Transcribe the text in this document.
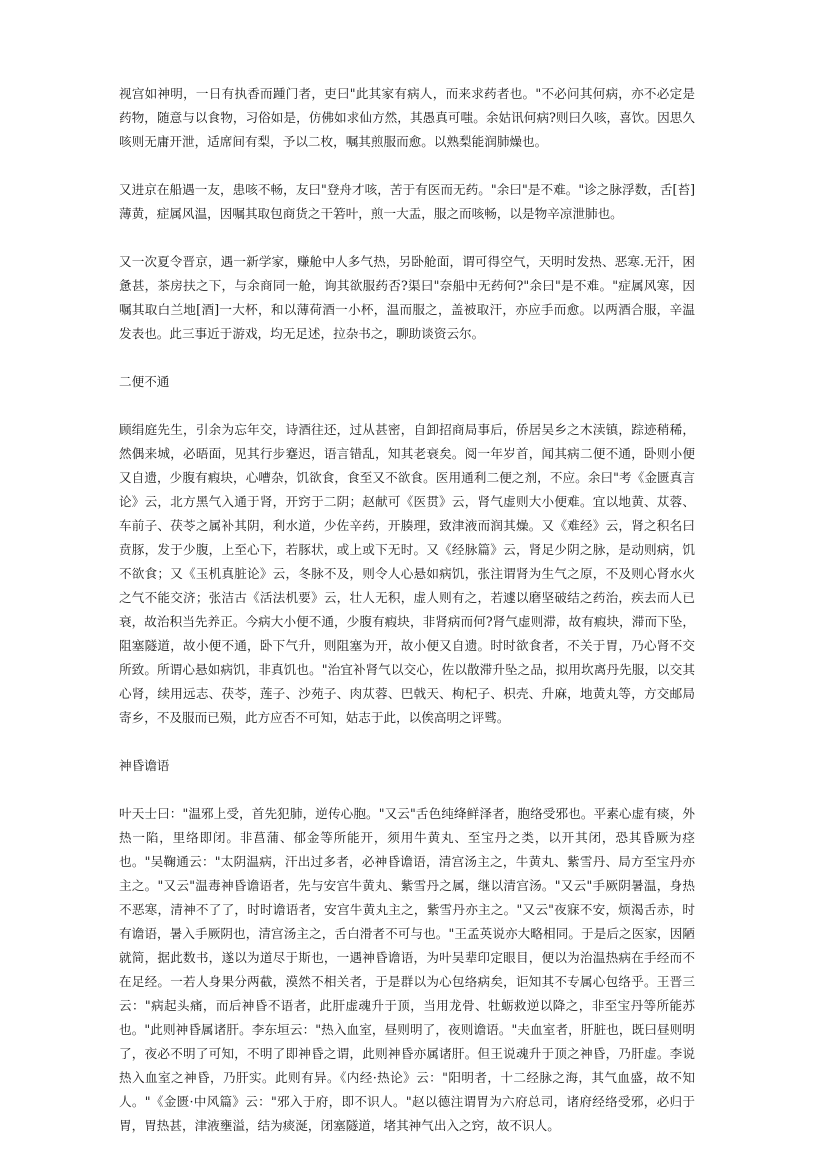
视宫如神明，一日有执香而踵门者，吏曰"此其家有病人，而来求药者也。"不必问其何病，亦不必定是药物，随意与以食物，习俗如是，仿佛如求仙方然，其愚真可嗤。余姑讯何病?则曰久咳，喜饮。因思久咳则无庸开泄，适席间有梨，予以二枚，嘱其煎服而愈。以熟梨能润肺燥也。

又进京在船遇一友，患咳不畅，友曰"登舟才咳，苦于有医而无药。"余曰"是不难。"诊之脉浮数，舌[苔]薄黄，症属风温，因嘱其取包商货之干箬叶，煎一大盂，服之而咳畅，以是物辛凉泄肺也。

又一次夏令晋京，遇一新学家，赚舱中人多气热，另卧舱面，谓可得空气，天明时发热、恶寒.无汗，困惫甚，茶房扶之下，与余商同一舱，询其欲服药否?渠曰"奈船中无药何?"余曰"是不难。"症属风寒，因嘱其取白兰地[酒]一大杯，和以薄荷酒一小杯，温而服之，盖被取汗，亦应手而愈。以两酒合服，辛温发表也。此三事近于游戏，均无足述，拉杂书之，聊助谈资云尔。

二便不通

顾绢庭先生，引余为忘年交，诗酒往还，过从甚密，自卸招商局事后，侨居吴乡之木渎镇，踪迹稍稀，然偶来城，必晤面，见其行步蹇迟，语言错乱，知其老衰矣。阅一年岁首，闻其病二便不通，卧则小便又自遗，少腹有瘕块，心嘈杂，饥欲食，食至又不欲食。医用通利二便之剂，不应。余曰"考《金匮真言论》云，北方黑气入通于肾，开窍于二阴；赵献可《医贯》云，肾气虚则大小便难。宜以地黄、苁蓉、车前子、茯苓之属补其阴，利水道，少佐辛药，开腠理，致津液而润其燥。又《难经》云，肾之积名曰贲豚，发于少腹，上至心下，若豚状，或上或下无时。又《经脉篇》云，肾足少阴之脉，是动则病，饥不欲食；又《玉机真脏论》云，冬脉不及，则令人心悬如病饥，张注谓肾为生气之原，不及则心肾水火之气不能交济；张洁古《活法机要》云，壮人无积，虚人则有之，若遽以磨坚破结之药治，疾去而人已衰，故治积当先养正。今病大小便不通，少腹有瘕块，非肾病而何?肾气虚则滞，故有瘕块，滞而下坠，阻塞隧道，故小便不通，卧下气升，则阻塞为开，故小便又自遗。时时欲食者，不关于胃，乃心肾不交所致。所谓心悬如病饥，非真饥也。"治宜补肾气以交心，佐以散滞升坠之品，拟用坎离丹先服，以交其心肾，续用远志、茯苓，莲子、沙苑子、肉苁蓉、巴戟天、枸杞子、枳壳、升麻，地黄丸等，方交邮局寄乡，不及服而已殒，此方应否不可知，姑志于此，以俟高明之评骘。

神昏谵语

叶天士曰："温邪上受，首先犯肺，逆传心胞。"又云"舌色纯绛鲜泽者，胞络受邪也。平素心虚有痰，外热一陷，里络即闭。非菖蒲、郁金等所能开，须用牛黄丸、至宝丹之类，以开其闭，恐其昏厥为痉也。"吴鞠通云："太阴温病，汗出过多者，必神昏谵语，清宫汤主之，牛黄丸、紫雪丹、局方至宝丹亦主之。"又云"温毒神昏谵语者，先与安宫牛黄丸、紫雪丹之属，继以清宫汤。"又云"手厥阴暑温，身热不恶寒，清神不了了，时时谵语者，安宫牛黄丸主之，紫雪丹亦主之。"又云"夜寐不安，烦渴舌赤，时有谵语，暑入手厥阴也，清宫汤主之，舌白滑者不可与也。"王孟英说亦大略相同。于是后之医家，因陋就简，据此数书，遂以为道尽于斯也，一遇神昏谵语，为叶吴辈印定眼目，便以为治温热病在手经而不在足经。一若人身果分两截，漠然不相关者，于是群以为心包络病矣，讵知其不专属心包络乎。王晋三云："病起头痛，而后神昏不语者，此肝虚魂升于顶，当用龙骨、牡蛎救逆以降之，非至宝丹等所能苏也。"此则神昏属诸肝。李东垣云："热入血室，昼则明了，夜则谵语。"夫血室者，肝脏也，既曰昼则明了，夜必不明了可知，不明了即神昏之谓，此则神昏亦属诸肝。但王说魂升于顶之神昏，乃肝虚。李说热入血室之神昏，乃肝实。此则有异。《内经·热论》云："阳明者，十二经脉之海，其气血盛，故不知人。"《金匮·中风篇》云："邪入于府，即不识人。"赵以德注谓胃为六府总司，诸府经络受邪，必归于胃，胃热甚，津液壅溢，结为痰涎，闭塞隧道，堵其神气出入之窍，故不识人。
